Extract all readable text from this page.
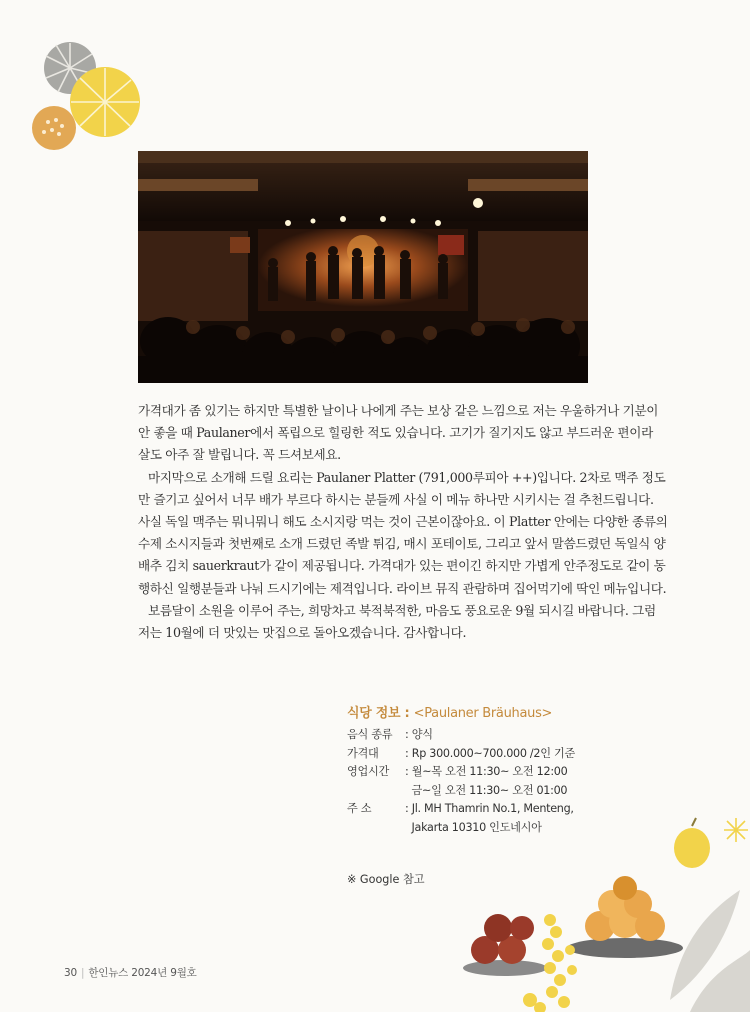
가격대가 좀 있기는 하지만 특별한 날이나 나에게 주는 보상 같은 느낌으로 저는 우울하거나 기분이 안 좋을 때 Paulaner에서 폭립으로 힐링한 적도 있습니다. 고기가 질기지도 않고 부드러운 편이라 살도 아주 잘 발립니다. 꼭 드셔보세요.

마지막으로 소개해 드릴 요리는 Paulaner Platter (791,000루피아 ++)입니다. 2차로 맥주 정도만 즐기고 싶어서 너무 배가 부르다 하시는 분들께 사실 이 메뉴 하나만 시키시는 걸 추천드립니다. 사실 독일 맥주는 뭐니뭐니 해도 소시지랑 먹는 것이 근본이잖아요. 이 Platter 안에는 다양한 종류의 수제 소시지들과 첫번째로 소개 드렸던 족발 튀김, 매시 포테이토, 그리고 앞서 말씀드렸던 독일식 양배추 김치 sauerkraut가 같이 제공됩니다. 가격대가 있는 편이긴 하지만 가볍게 안주정도로 같이 동행하신 일행분들과 나눠 드시기에는 제격입니다. 라이브 뮤직 관람하며 집어먹기에 딱인 메뉴입니다.

보름달이 소원을 이루어 주는, 희망차고 북적북적한, 마음도 풍요로운 9월 되시길 바랍니다. 그럼 저는 10월에 더 맛있는 맛집으로 돌아오겠습니다. 감사합니다.

식당 정보 : <Paulaner Bräuhaus>
음식 종류	: 양식
가격대	: Rp 300.000~700.000 /2인 기준
영업시간	: 월~목 오전 11:30~ 오전 12:00
금~일 오전 11:30~ 오전 01:00
주 소	: Jl. MH Thamrin No.1, Menteng,
Jakarta 10310 인도네시아
※ Google 참고
30 | 한인뉴스 2024년 9월호
